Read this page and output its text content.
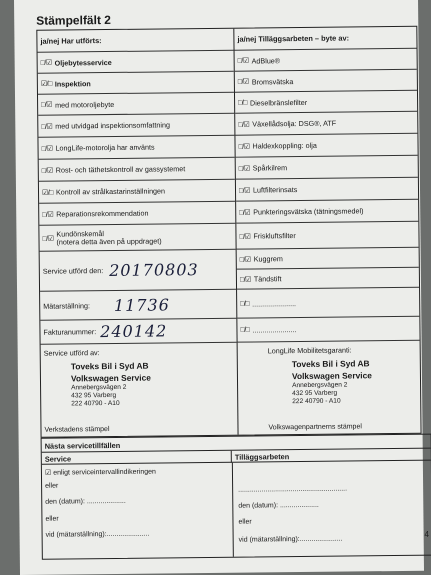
Stämpelfält 2
ja/nej Har utförts:
□/☑ Oljebytesservice
☑/□ Inspektion
□/☑ med motoroljebyte
□/☑ med utvidgad inspektionsomfattning
□/☑ LongLife-motorolja har använts
□/☑ Rost- och täthetskontroll av gassystemet
☑/□ Kontroll av strålkastarinställningen
□/☑ Reparationsrekommendation
□/☑
Kundönskemål
(notera detta även på uppdraget)
Service utförd den: 20170803
Mätarställning: 11736
Fakturanummer: 240142
Service utförd av:
Toveks Bil i Syd AB
Volkswagen Service
Annebergsvägen 2
432 95 Varberg
222 40790 - A10
Verkstadens stämpel
ja/nej Tilläggsarbeten – byte av:
□/☑ AdBlue®
□/☑ Bromsvätska
□/□ Dieselbränslefilter
□/☑ Växellådsolja: DSG®, ATF
□/☑ Haldexkoppling: olja
□/☑ Spårkilrem
□/☑ Luftfilterinsats
□/☑ Punkteringsvätska (tätningsmedel)
□/☑ Friskluftsfilter
□/☑ Kuggrem
□/☑ Tändstift
□/□ ......................
□/□ ......................
LongLife Mobilitetsgaranti:
Toveks Bil i Syd AB
Volkswagen Service
Annebergsvägen 2
432 95 Varberg
222 40790 - A10
Volkswagenpartnerns stämpel
Nästa servicetillfällen
Service	Tilläggsarbeten
☑ enligt serviceintervallindikeringen
eller
den (datum): ....................
eller
vid (mätarställning):......................
........................................................
den (datum): ....................
eller
vid (mätarställning):......................
4
